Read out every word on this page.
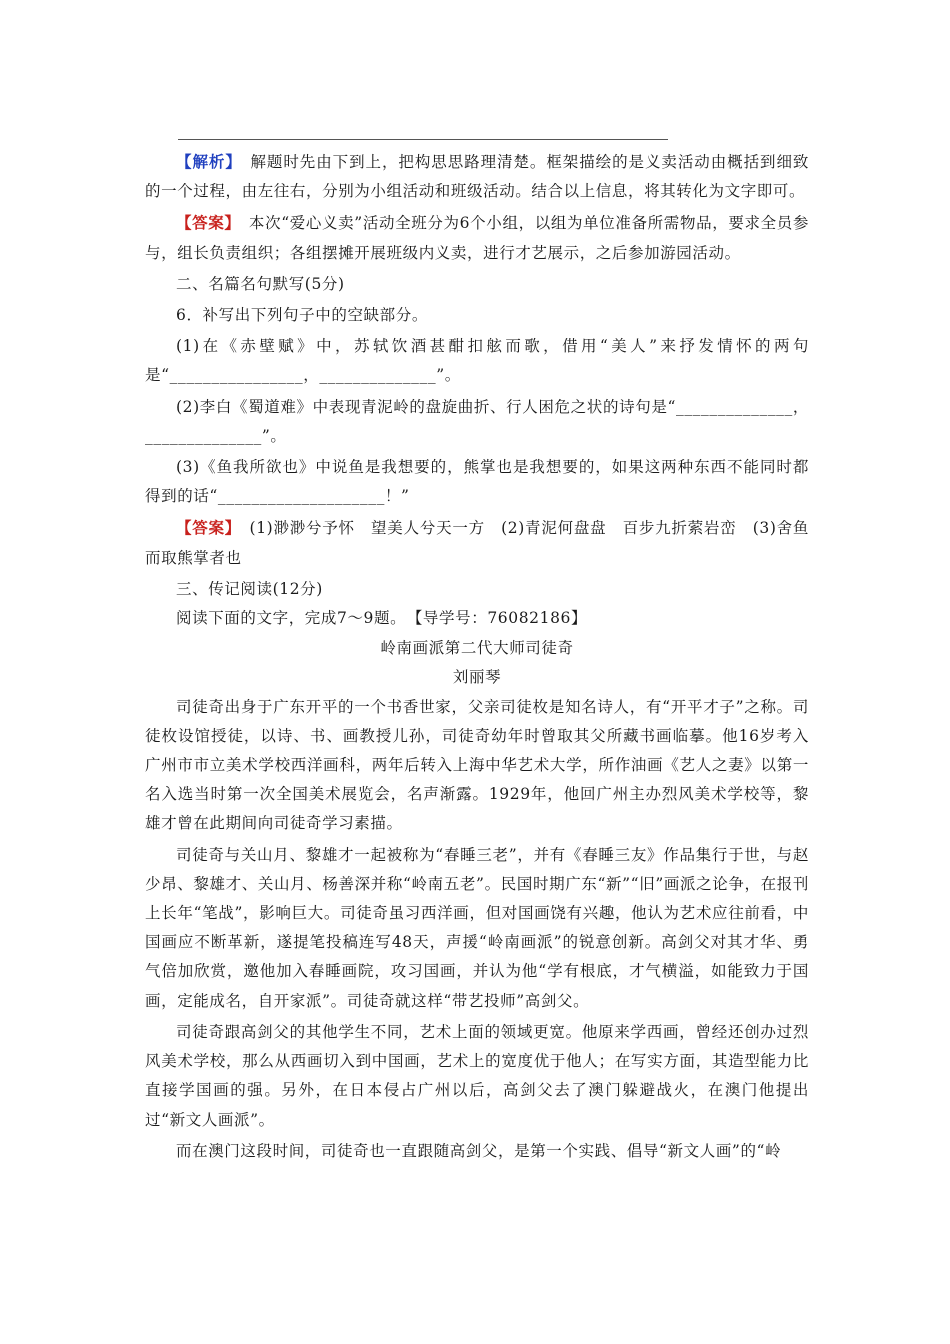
【解析】　解题时先由下到上，把构思思路理清楚。框架描绘的是义卖活动由概括到细致的一个过程，由左往右，分别为小组活动和班级活动。结合以上信息，将其转化为文字即可。

【答案】　本次“爱心义卖”活动全班分为6个小组，以组为单位准备所需物品，要求全员参与，组长负责组织；各组摆摊开展班级内义卖，进行才艺展示，之后参加游园活动。

二、名篇名句默写(5分)

6．补写出下列句子中的空缺部分。

(1)在《赤壁赋》中，苏轼饮酒甚酣扣舷而歌，借用“美人”来抒发情怀的两句是“________________，______________”。

(2)李白《蜀道难》中表现青泥岭的盘旋曲折、行人困危之状的诗句是“______________，______________”。

(3)《鱼我所欲也》中说鱼是我想要的，熊掌也是我想要的，如果这两种东西不能同时都得到的话“____________________！”

【答案】　(1)渺渺兮予怀　望美人兮天一方　(2)青泥何盘盘　百步九折萦岩峦　(3)舍鱼而取熊掌者也

三、传记阅读(12分)

阅读下面的文字，完成7～9题。　【导学号：76082186】

岭南画派第二代大师司徒奇

刘丽琴

司徒奇出身于广东开平的一个书香世家，父亲司徒枚是知名诗人，有“开平才子”之称。司徒枚设馆授徒，以诗、书、画教授儿孙，司徒奇幼年时曾取其父所藏书画临摹。他16岁考入广州市市立美术学校西洋画科，两年后转入上海中华艺术大学，所作油画《艺人之妻》以第一名入选当时第一次全国美术展览会，名声渐露。1929年，他回广州主办烈风美术学校等，黎雄才曾在此期间向司徒奇学习素描。

司徒奇与关山月、黎雄才一起被称为“春睡三老”，并有《春睡三友》作品集行于世，与赵少昂、黎雄才、关山月、杨善深并称“岭南五老”。民国时期广东“新”“旧”画派之论争，在报刊上长年“笔战”，影响巨大。司徒奇虽习西洋画，但对国画饶有兴趣，他认为艺术应往前看，中国画应不断革新，遂提笔投稿连写48天，声援“岭南画派”的锐意创新。高剑父对其才华、勇气倍加欣赏，邀他加入春睡画院，攻习国画，并认为他“学有根底，才气横溢，如能致力于国画，定能成名，自开家派”。司徒奇就这样“带艺投师”高剑父。

司徒奇跟高剑父的其他学生不同，艺术上面的领域更宽。他原来学西画，曾经还创办过烈风美术学校，那么从西画切入到中国画，艺术上的宽度优于他人；在写实方面，其造型能力比直接学国画的强。另外，在日本侵占广州以后，高剑父去了澳门躲避战火，在澳门他提出过“新文人画派”。

而在澳门这段时间，司徒奇也一直跟随高剑父，是第一个实践、倡导“新文人画”的“岭
